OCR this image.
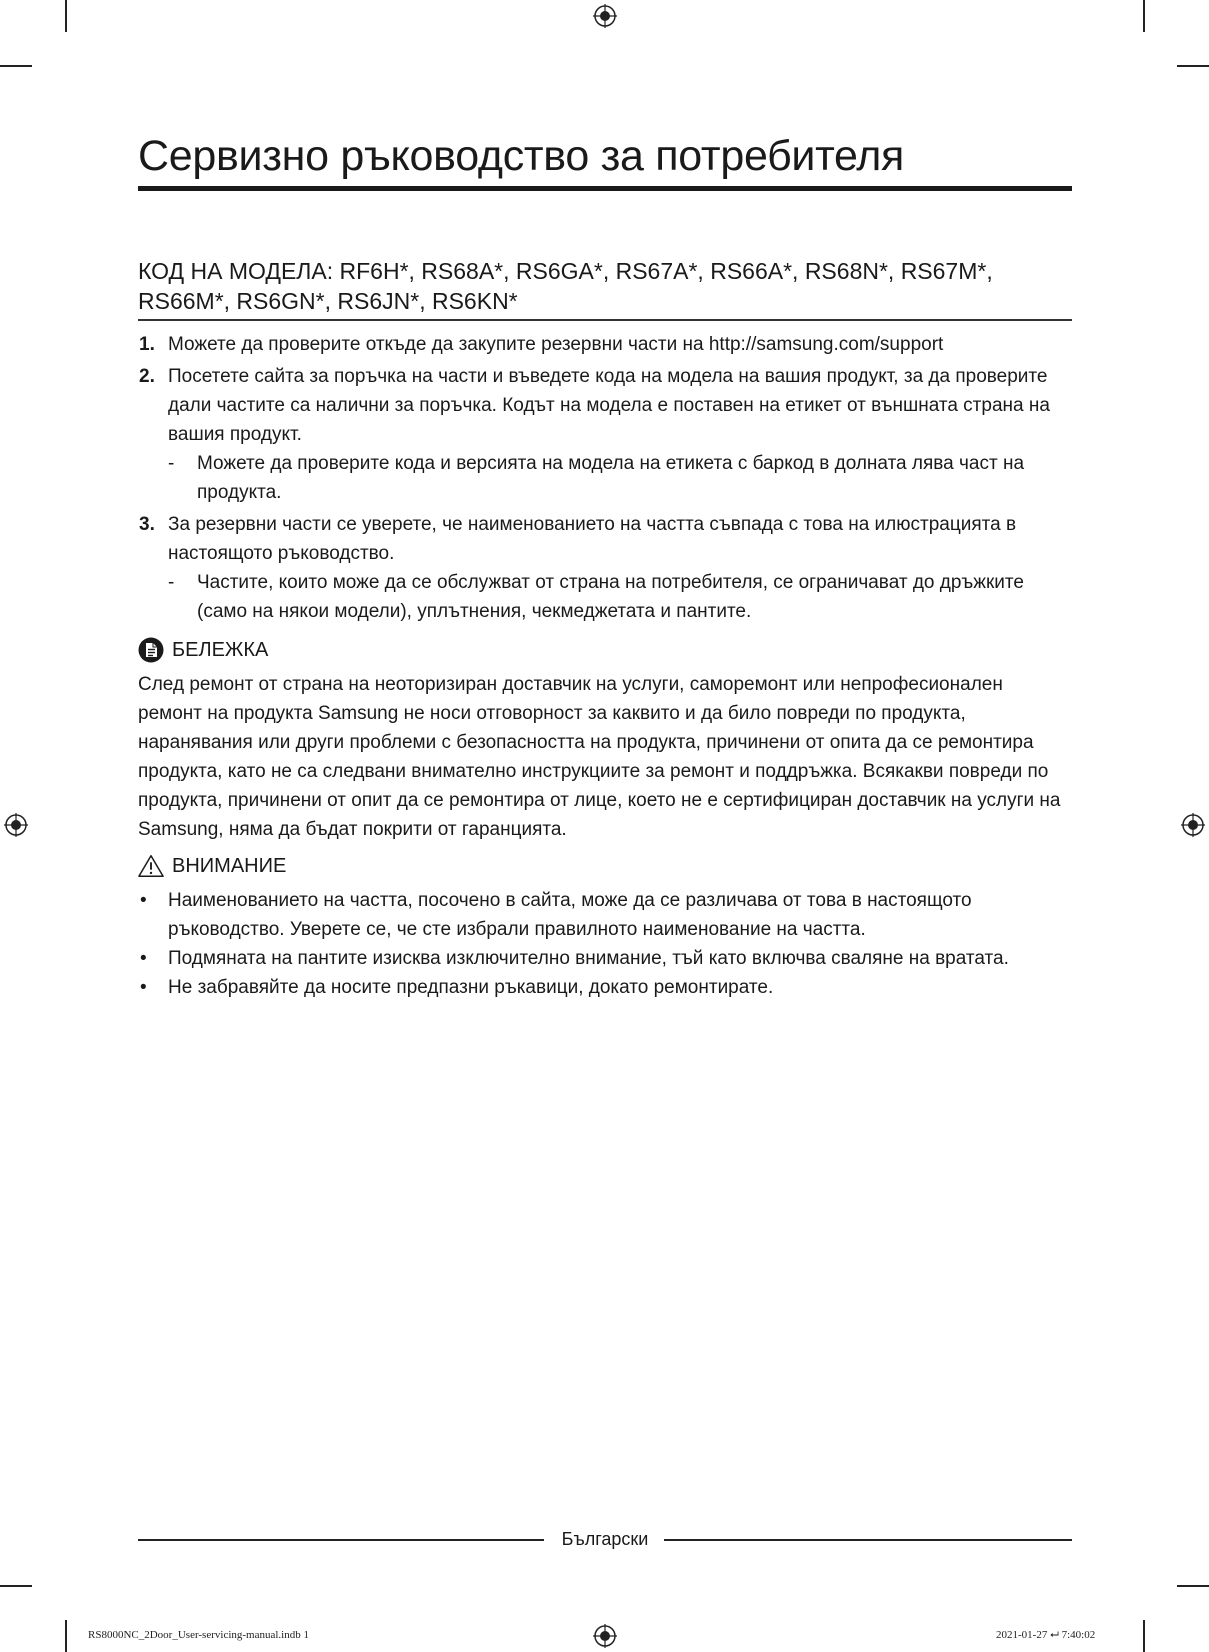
Сервизно ръководство за потребителя
КОД НА МОДЕЛА: RF6H*, RS68A*, RS6GA*, RS67A*, RS66A*, RS68N*, RS67M*, RS66M*, RS6GN*, RS6JN*, RS6KN*
1. Можете да проверите откъде да закупите резервни части на http://samsung.com/support
2. Посетете сайта за поръчка на части и въведете кода на модела на вашия продукт, за да проверите дали частите са налични за поръчка. Кодът на модела е поставен на етикет от външната страна на вашия продукт.
- Можете да проверите кода и версията на модела на етикета с баркод в долната лява част на продукта.
3. За резервни части се уверете, че наименованието на частта съвпада с това на илюстрацията в настоящото ръководство.
- Частите, които може да се обслужват от страна на потребителя, се ограничават до дръжките (само на някои модели), уплътнения, чекмеджетата и пантите.
БЕЛЕЖКА

След ремонт от страна на неоторизиран доставчик на услуги, саморемонт или непрофесионален ремонт на продукта Samsung не носи отговорност за каквито и да било повреди по продукта, наранявания или други проблеми с безопасността на продукта, причинени от опита да се ремонтира продукта, като не са следвани внимателно инструкциите за ремонт и поддръжка. Всякакви повреди по продукта, причинени от опит да се ремонтира от лице, което не е сертифициран доставчик на услуги на Samsung, няма да бъдат покрити от гаранцията.

ВНИМАНИЕ
• Наименованието на частта, посочено в сайта, може да се различава от това в настоящото ръководство. Уверете се, че сте избрали правилното наименование на частта.
• Подмяната на пантите изисква изключително внимание, тъй като включва сваляне на вратата.
• Не забравяйте да носите предпазни ръкавици, докато ремонтирате.
Български
RS8000NC_2Door_User-servicing-manual.indb 1	2021-01-27 ⮠ 7:40:02
